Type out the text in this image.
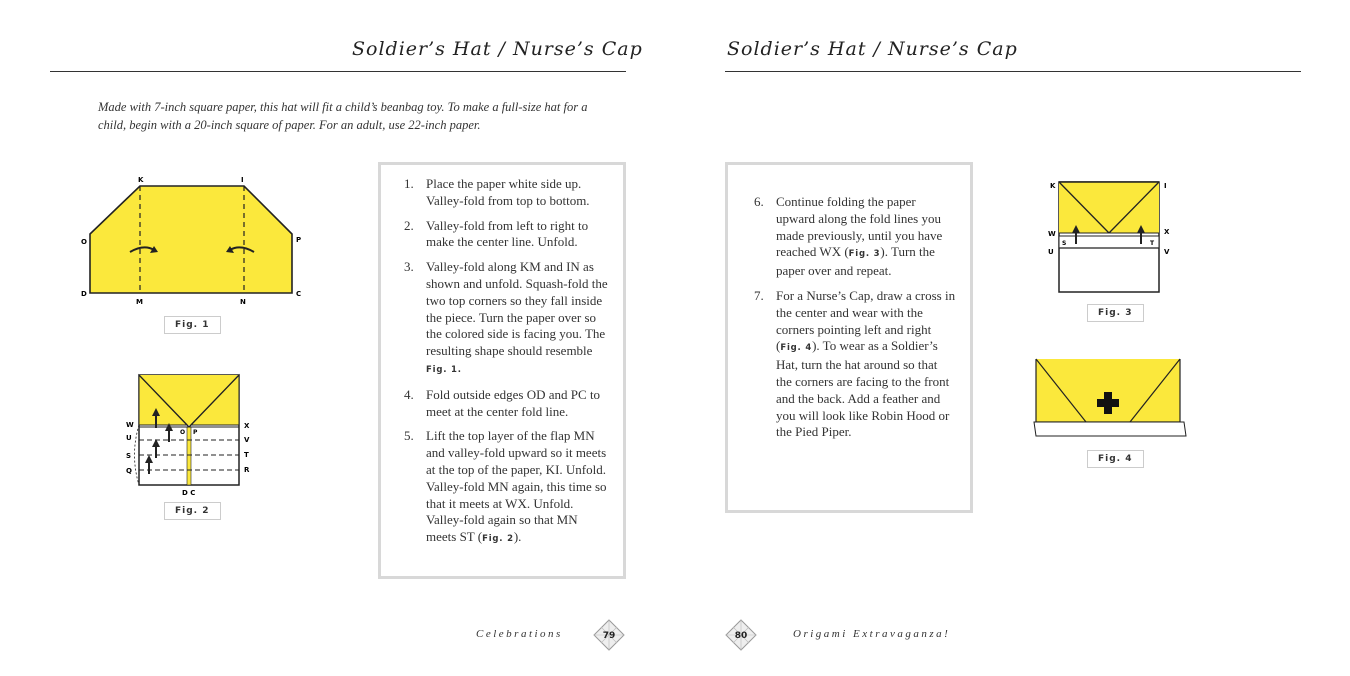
Soldier’s Hat / Nurse’s Cap
Made with 7-inch square paper, this hat will fit a child’s beanbag toy. To make a full-size hat for a child, begin with a 20-inch square of paper. For an adult, use 22-inch paper.
K	I
O	P
D	C
M	N
Fig. 1
W
U
S
Q
X
V
T
R
O P
D C
Fig. 2
1. Place the paper white side up. Valley-fold from top to bottom.
2. Valley-fold from left to right to make the center line. Unfold.
3. Valley-fold along KM and IN as shown and unfold. Squash-fold the two top corners so they fall inside the piece. Turn the paper over so the colored side is facing you. The resulting shape should resemble
Fig. 1.
4. Fold outside edges OD and PC to meet at the center fold line.
5. Lift the top layer of the flap MN and valley-fold upward so it meets at the top of the paper, KI. Unfold. Valley-fold MN again, this time so that it meets at WX. Unfold. Valley-fold again so that MN meets ST (Fig. 2).
Celebrations	79
Soldier’s Hat / Nurse’s Cap
6. Continue folding the paper upward along the fold lines you made previously, until you have reached WX (Fig. 3). Turn the paper over and repeat.
7. For a Nurse’s Cap, draw a cross in the center and wear with the corners pointing left and right (Fig. 4). To wear as a Soldier’s Hat, turn the hat around so that the corners are facing to the front and the back. Add a feather and you will look like Robin Hood or the Pied Piper.
K	I
W	X
S	T
U	V
Fig. 3
Fig. 4
80	Origami Extravaganza!
